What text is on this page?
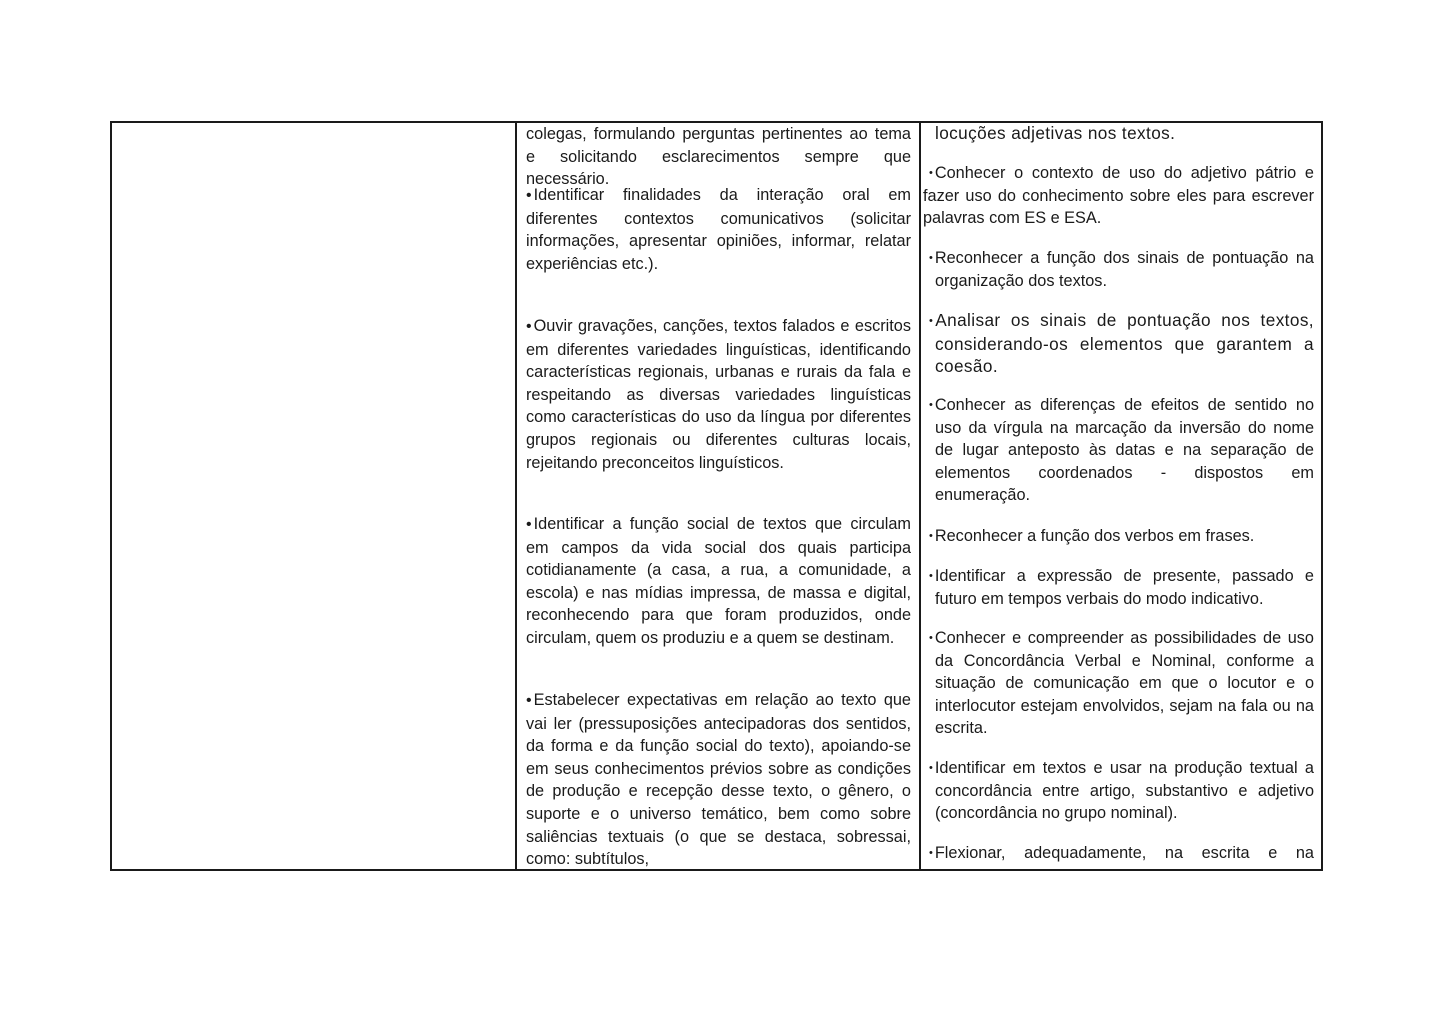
colegas, formulando perguntas pertinentes ao tema e solicitando esclarecimentos sempre que necessário.

• Identificar finalidades da interação oral em diferentes contextos comunicativos (solicitar informações, apresentar opiniões, informar, relatar experiências etc.).

• Ouvir gravações, canções, textos falados e escritos em diferentes variedades linguísticas, identificando características regionais, urbanas e rurais da fala e respeitando as diversas variedades linguísticas como características do uso da língua por diferentes grupos regionais ou diferentes culturas locais, rejeitando preconceitos linguísticos.

• Identificar a função social de textos que circulam em campos da vida social dos quais participa cotidianamente (a casa, a rua, a comunidade, a escola) e nas mídias impressa, de massa e digital, reconhecendo para que foram produzidos, onde circulam, quem os produziu e a quem se destinam.

• Estabelecer expectativas em relação ao texto que vai ler (pressuposições antecipadoras dos sentidos, da forma e da função social do texto), apoiando-se em seus conhecimentos prévios sobre as condições de produção e recepção desse texto, o gênero, o suporte e o universo temático, bem como sobre saliências textuais (o que se destaca, sobressai, como: subtítulos,

locuções adjetivas nos textos.

• Conhecer o contexto de uso do adjetivo pátrio e fazer uso do conhecimento sobre eles para escrever palavras com ES e ESA.

• Reconhecer a função dos sinais de pontuação na organização dos textos.

• Analisar os sinais de pontuação nos textos, considerando-os elementos que garantem a coesão.

• Conhecer as diferenças de efeitos de sentido no uso da vírgula na marcação da inversão do nome de lugar anteposto às datas e na separação de elementos coordenados - dispostos em enumeração.

• Reconhecer a função dos verbos em frases.

• Identificar a expressão de presente, passado e futuro em tempos verbais do modo indicativo.

• Conhecer e compreender as possibilidades de uso da Concordância Verbal e Nominal, conforme a situação de comunicação em que o locutor e o interlocutor estejam envolvidos, sejam na fala ou na escrita.

• Identificar em textos e usar na produção textual a concordância entre artigo, substantivo e adjetivo (concordância no grupo nominal).

• Flexionar, adequadamente, na escrita e na
